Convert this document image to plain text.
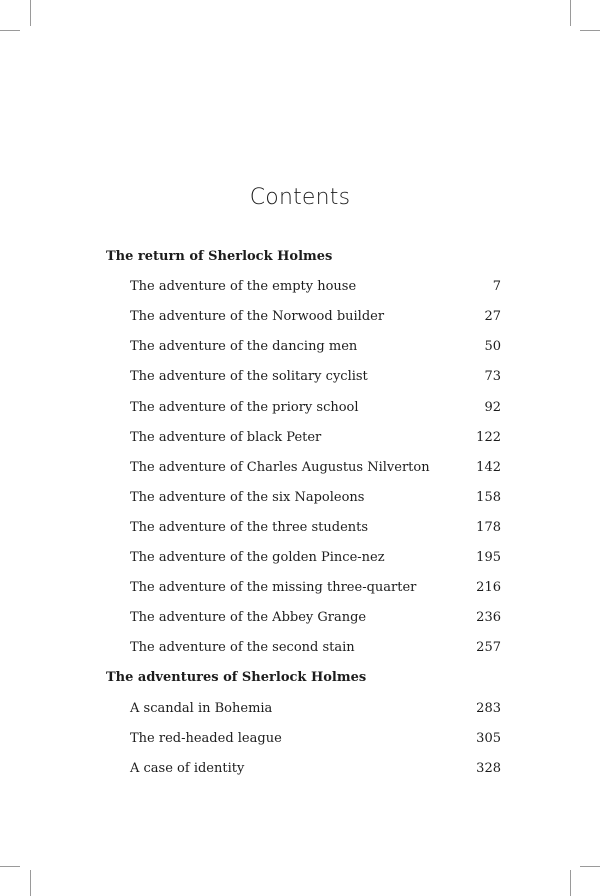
Contents
The return of Sherlock Holmes
The adventure of the empty house	7
The adventure of the Norwood builder	27
The adventure of the dancing men	50
The adventure of the solitary cyclist	73
The adventure of the priory school	92
The adventure of black Peter	122
The adventure of Charles Augustus Nilverton	142
The adventure of the six Napoleons	158
The adventure of the three students	178
The adventure of the golden Pince-nez	195
The adventure of the missing three-quarter	216
The adventure of the Abbey Grange	236
The adventure of the second stain	257
The adventures of Sherlock Holmes
A scandal in Bohemia	283
The red-headed league	305
A case of identity	328
